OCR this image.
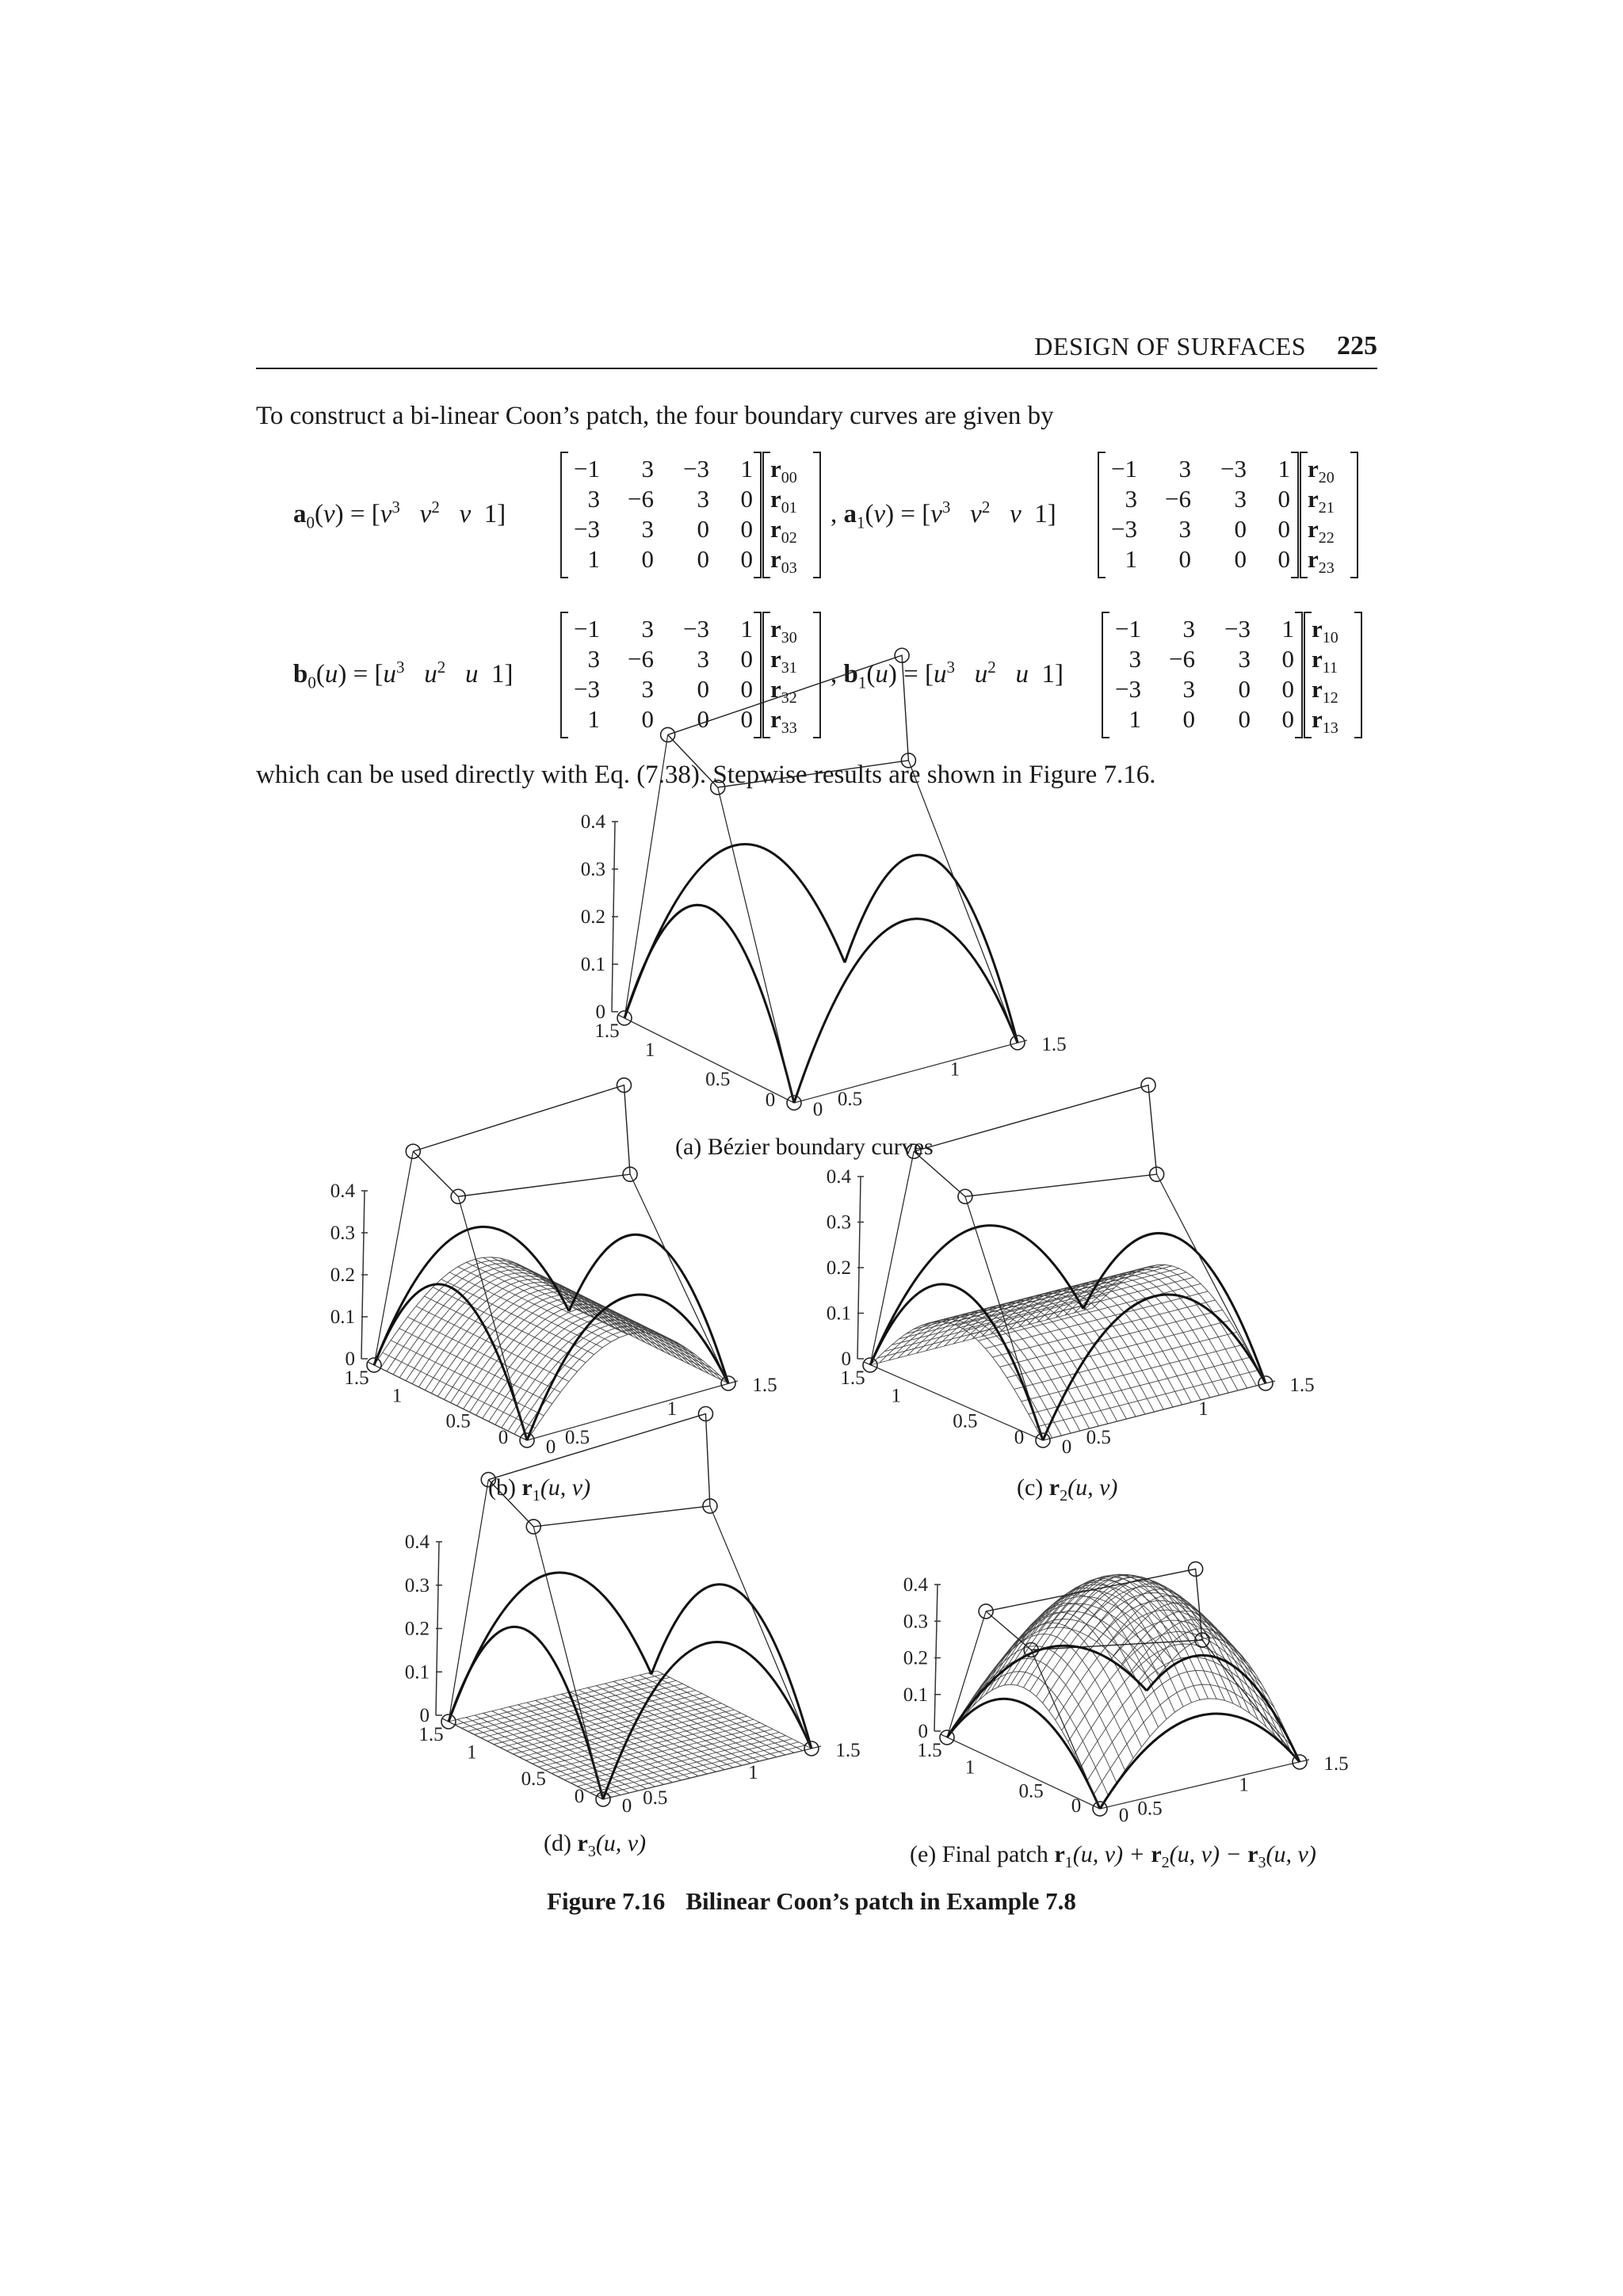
DESIGN OF SURFACES 225
To construct a bi-linear Coon’s patch, the four boundary curves are given by
$a_0(v) = [v^3$ $v^2$ v  1]
−1	3	−3	1
3	−6	3	0
−3	3	0	0
1	0	0	0
$r_{00}$
$r_{01}$
$r_{02}$
$r_{03}$
, $a_1(v) = [v^3$ $v^2$ v  1]
−1	3	−3	1
3	−6	3	0
−3	3	0	0
1	0	0	0
$r_{20}$
$r_{21}$
$r_{22}$
$r_{23}$
$b_0(u) = [u^3$ $u^2$ u  1]
−1	3	−3	1
3	−6	3	0
−3	3	0	0
1	0	0	0
$r_{30}$
$r_{31}$
$r_{32}$
$r_{33}$
, $b_1(u) = [u^3$ $u^2$ u  1]
−1	3	−3	1
3	−6	3	0
−3	3	0	0
1	0	0	0
$r_{10}$
$r_{11}$
$r_{12}$
$r_{13}$
which can be used directly with Eq. (7.38). Stepwise results are shown in Figure 7.16.
0
0.1
0.2
0.3
0.4
1.5
1
0.5
0 0 0.5
1
1.5
0
0.1
0.2
0.3
0.4
1.5
1
0.5
0 0 0.5
1
1.5
0
0.1
0.2
0.3
0.4
1.5
1
0.5
0 0 0.5
1
1.5
0
0.1
0.2
0.3
0.4
1.5
1
0.5
0 0 0.5
1
1.5
0
0.1
0.2
0.3
0.4
1.5
1
0.5
0 0 0.5
1
1.5
(a) Bézier boundary curves
(b) $r_1(u$, v)	(c) $r_2(u$, v)
(d) $r_3(u$, v)	(e) Final patch $r_1(u$, $v) + r_2(u$, $v) - r_3(u$, v)
Figure 7.16 Bilinear Coon’s patch in Example 7.8
